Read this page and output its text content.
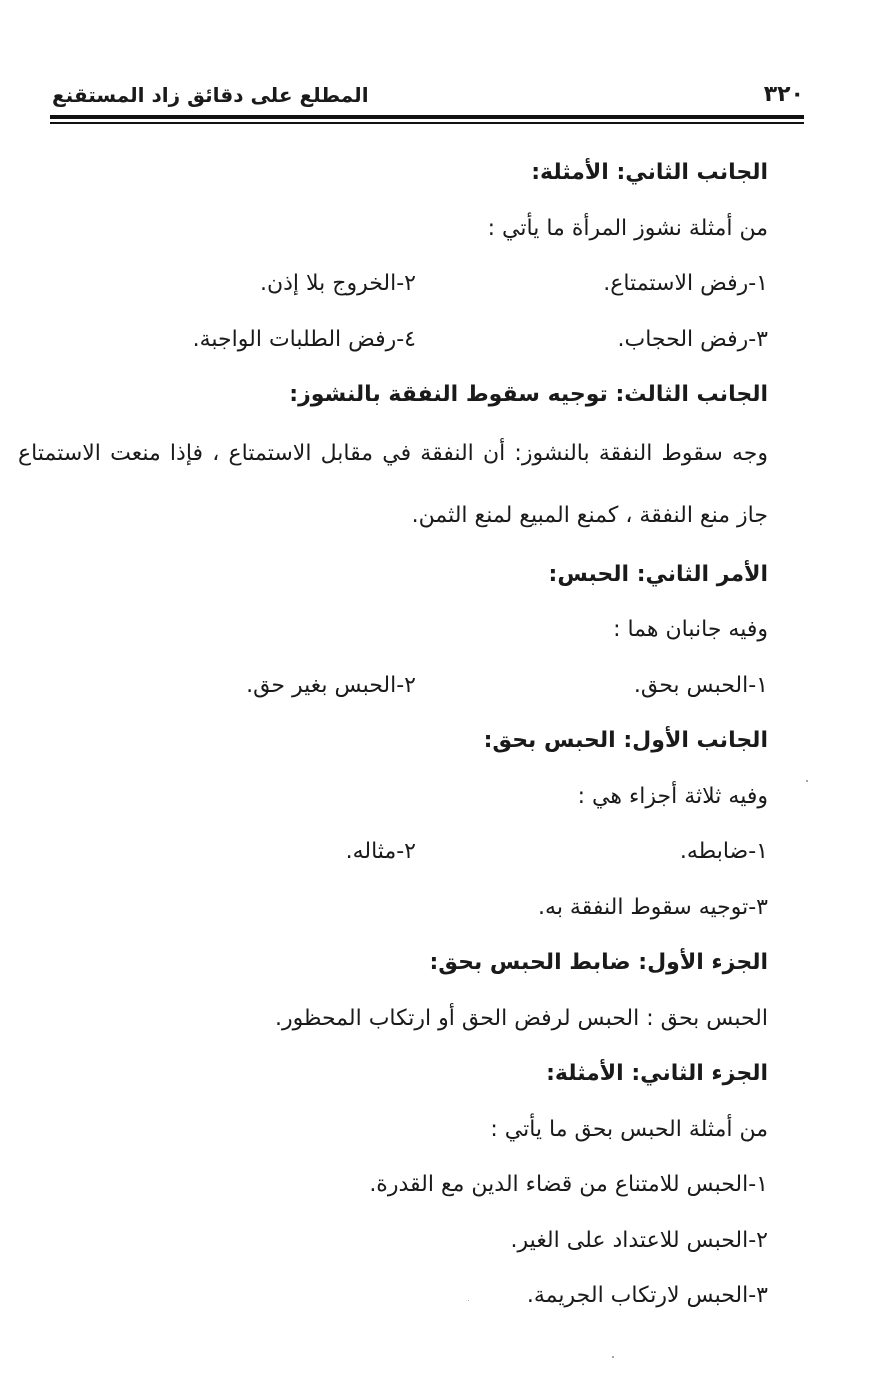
٣٢٠
المطلع على دقائق زاد المستقنع
الجانب الثاني: الأمثلة:
من أمثلة نشوز المرأة ما يأتي :
١-رفض الاستمتاع.
٢-الخروج بلا إذن.
٣-رفض الحجاب.
٤-رفض الطلبات الواجبة.
الجانب الثالث: توجيه سقوط النفقة بالنشوز:
وجه سقوط النفقة بالنشوز: أن النفقة في مقابل الاستمتاع ، فإذا منعت الاستمتاع جاز منع النفقة ، كمنع المبيع لمنع الثمن.
الأمر الثاني: الحبس:
وفيه جانبان هما :
١-الحبس بحق.
٢-الحبس بغير حق.
الجانب الأول: الحبس بحق:
وفيه ثلاثة أجزاء هي :
١-ضابطه.
٢-مثاله.
٣-توجيه سقوط النفقة به.
الجزء الأول: ضابط الحبس بحق:
الحبس بحق : الحبس لرفض الحق أو ارتكاب المحظور.
الجزء الثاني: الأمثلة:
من أمثلة الحبس بحق ما يأتي :
١-الحبس للامتناع من قضاء الدين مع القدرة.
٢-الحبس للاعتداد على الغير.
٣-الحبس لارتكاب الجريمة.
